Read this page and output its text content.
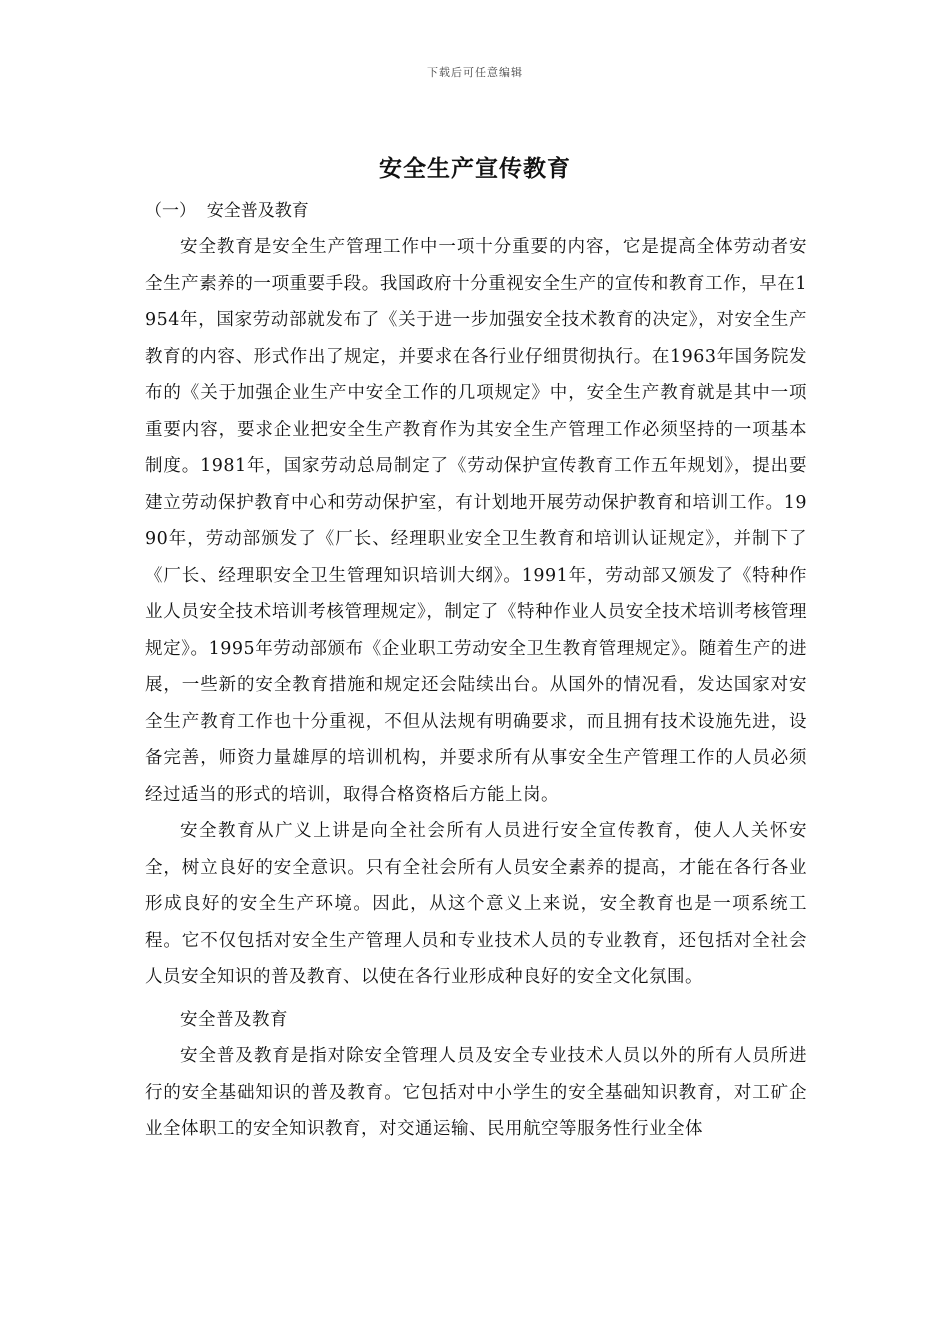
下载后可任意编辑
安全生产宣传教育

（一）  安全普及教育

安全教育是安全生产管理工作中一项十分重要的内容，它是提高全体劳动者安全生产素养的一项重要手段。我国政府十分重视安全生产的宣传和教育工作，早在1954年，国家劳动部就发布了《关于进一步加强安全技术教育的决定》，对安全生产教育的内容、形式作出了规定，并要求在各行业仔细贯彻执行。在1963年国务院发布的《关于加强企业生产中安全工作的几项规定》中，安全生产教育就是其中一项重要内容，要求企业把安全生产教育作为其安全生产管理工作必须坚持的一项基本制度。1981年，国家劳动总局制定了《劳动保护宣传教育工作五年规划》，提出要建立劳动保护教育中心和劳动保护室，有计划地开展劳动保护教育和培训工作。1990年，劳动部颁发了《厂长、经理职业安全卫生教育和培训认证规定》，并制下了《厂长、经理职安全卫生管理知识培训大纲》。1991年，劳动部又颁发了《特种作业人员安全技术培训考核管理规定》，制定了《特种作业人员安全技术培训考核管理规定》。1995年劳动部颁布《企业职工劳动安全卫生教育管理规定》。随着生产的进展，一些新的安全教育措施和规定还会陆续出台。从国外的情况看，发达国家对安全生产教育工作也十分重视，不但从法规有明确要求，而且拥有技术设施先进，设备完善，师资力量雄厚的培训机构，并要求所有从事安全生产管理工作的人员必须经过适当的形式的培训，取得合格资格后方能上岗。

安全教育从广义上讲是向全社会所有人员进行安全宣传教育，使人人关怀安全，树立良好的安全意识。只有全社会所有人员安全素养的提高，才能在各行各业形成良好的安全生产环境。因此，从这个意义上来说，安全教育也是一项系统工程。它不仅包括对安全生产管理人员和专业技术人员的专业教育，还包括对全社会人员安全知识的普及教育、以使在各行业形成种良好的安全文化氛围。

安全普及教育

安全普及教育是指对除安全管理人员及安全专业技术人员以外的所有人员所进行的安全基础知识的普及教育。它包括对中小学生的安全基础知识教育，对工矿企业全体职工的安全知识教育，对交通运输、民用航空等服务性行业全体
